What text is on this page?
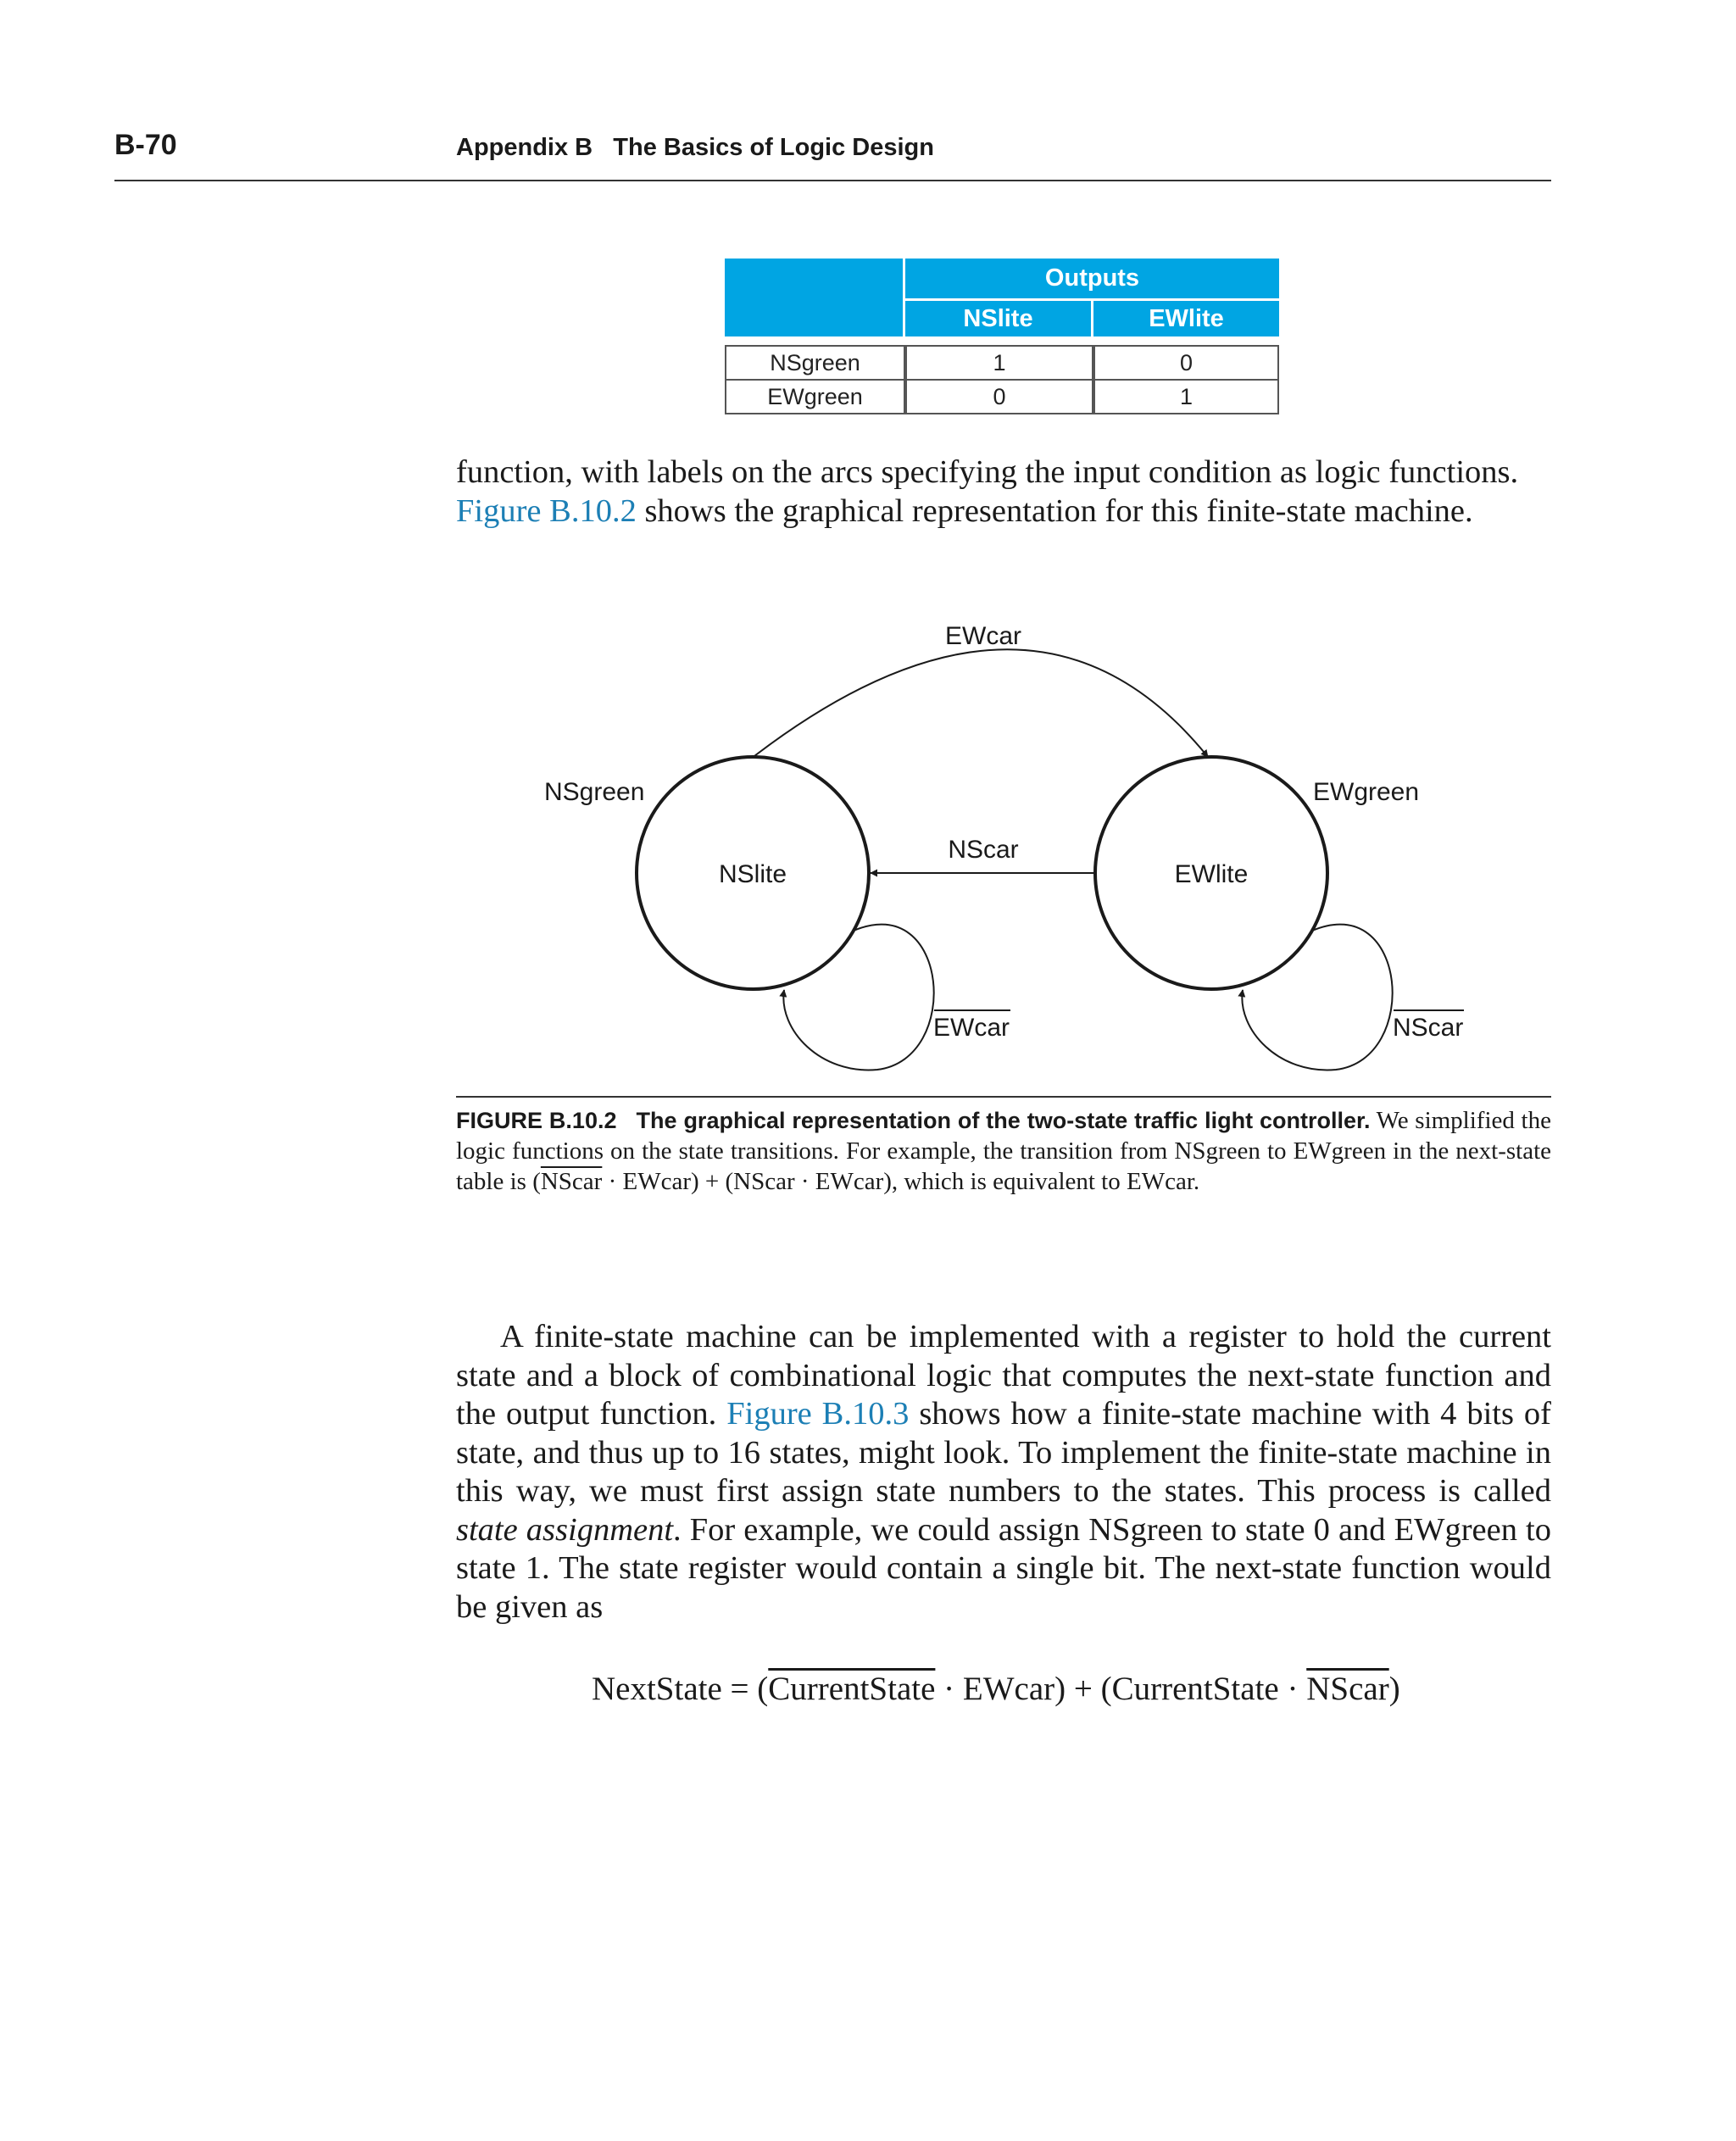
B-70	Appendix B   The Basics of Logic Design
	Outputs	
	NSlite	EWlite

NSgreen	1	0
EWgreen	0	1

function, with labels on the arcs specifying the input condition as logic functions.
Figure B.10.2 shows the graphical representation for this finite-state machine.

EWcar
NSgreen
NSlite
EWgreen
EWlite
NScar
EWcar	NScar
FIGURE B.10.2 The graphical representation of the two-state traffic light controller. We simplified the logic functions on the state transitions. For example, the transition from NSgreen to EWgreen in the next-state table is (NScar · EWcar) + (NScar · EWcar), which is equivalent to EWcar.

A finite-state machine can be implemented with a register to hold the current state and a block of combinational logic that computes the next-state function and the output function. Figure B.10.3 shows how a finite-state machine with 4 bits of state, and thus up to 16 states, might look. To implement the finite-state machine in this way, we must first assign state numbers to the states. This process is called state assignment. For example, we could assign NSgreen to state 0 and EWgreen to state 1. The state register would contain a single bit. The next-state function would be given as

NextState = (CurrentState · EWcar) + (CurrentState · NScar)
